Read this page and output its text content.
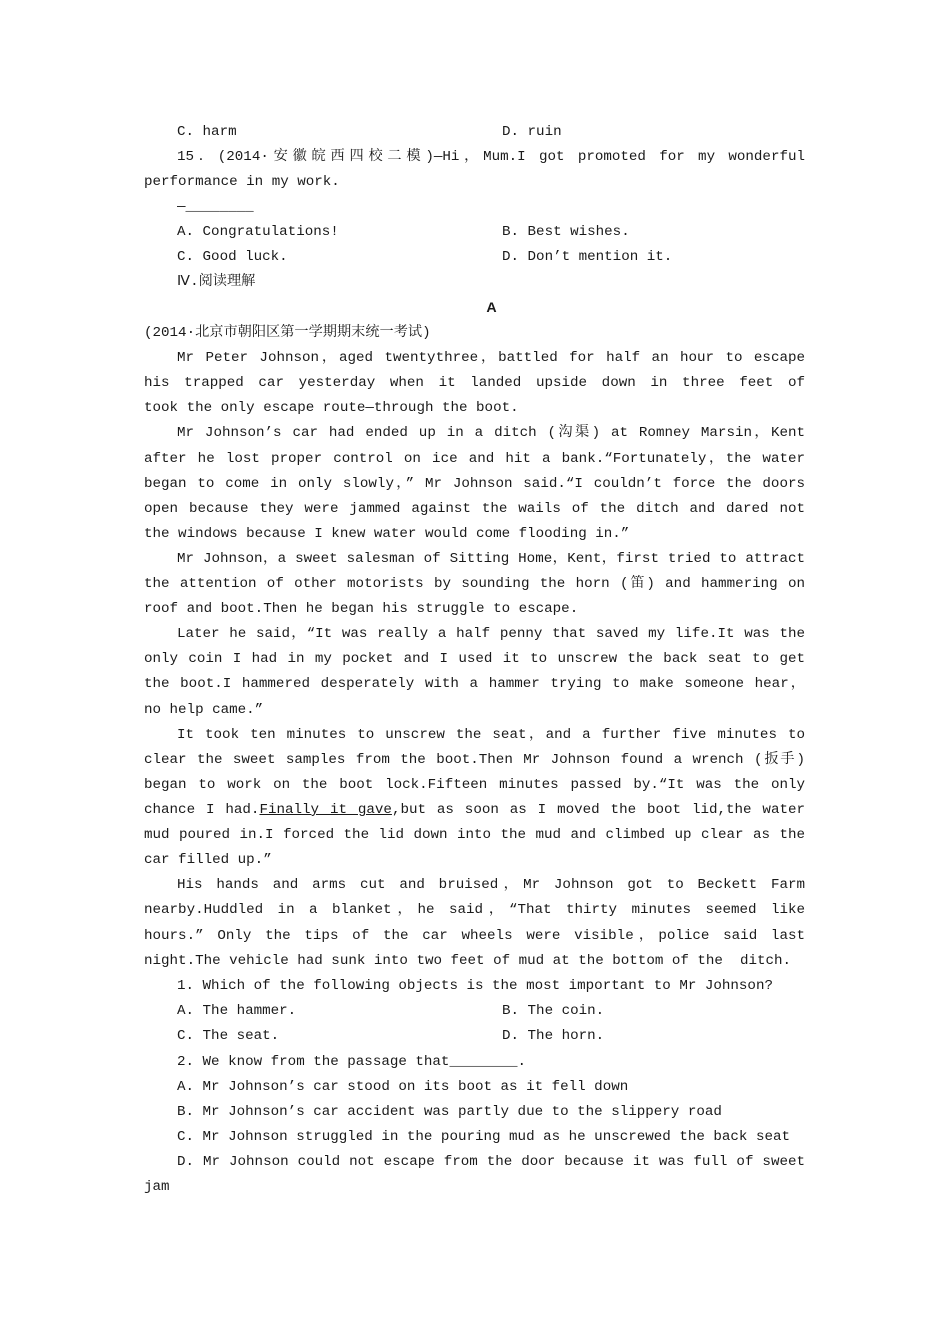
C. harm	D. ruin
15．(2014·安徽皖西四校二模)—Hi，Mum.I got promoted for my wonderful
performance in my work.
—________
A. Congratulations!	B. Best wishes.
C. Good luck.	D. Don’t mention it.
Ⅳ.阅读理解
A
(2014·北京市朝阳区第一学期期末统一考试)
Mr Peter Johnson，aged twentythree，battled for half an hour to escape
his trapped car yesterday when it landed upside down in three feet of
took the only escape route—through the boot.
Mr Johnson’s car had ended up in a ditch (沟渠) at Romney Marsin，Kent
after he lost proper control on ice and hit a bank.“Fortunately，the water
began to come in only slowly，” Mr Johnson said.“I couldn’t force the doors
open because they were jammed against the wails of the ditch and dared not
the windows because I knew water would come flooding in.”
Mr Johnson，a sweet salesman of Sitting Home，Kent，first tried to attract
the attention of other motorists by sounding the horn (笛) and hammering on
roof and boot.Then he began his struggle to escape.
Later he said，“It was really a half penny that saved my life.It was the
only coin I had in my pocket and I used it to unscrew the back seat to get
the boot.I hammered desperately with a hammer trying to make someone hear，
no help came.”
It took ten minutes to unscrew the seat，and a further five minutes to
clear the sweet samples from the boot.Then Mr Johnson found a wrench (扳手)
began to work on the boot lock.Fifteen minutes passed by.“It was the only
chance I had.Finally it gave,but as soon as I moved the boot lid,the water
mud poured in.I forced the lid down into the mud and climbed up clear as the
car filled up.”
His hands and arms cut and bruised，Mr Johnson got to Beckett Farm
nearby.Huddled in a blanket，he said，“That thirty minutes seemed like
hours.” Only the tips of the car wheels were visible，police said last
night.The vehicle had sunk into two feet of mud at the bottom of the  ditch.
1. Which of the following objects is the most important to Mr Johnson?
A. The hammer.	B. The coin.
C. The seat.	D. The horn.
2. We know from the passage that________.
A. Mr Johnson’s car stood on its boot as it fell down
B. Mr Johnson’s car accident was partly due to the slippery road
C. Mr Johnson struggled in the pouring mud as he unscrewed the back seat
D. Mr Johnson could not escape from the door because it was full of sweet
jam
